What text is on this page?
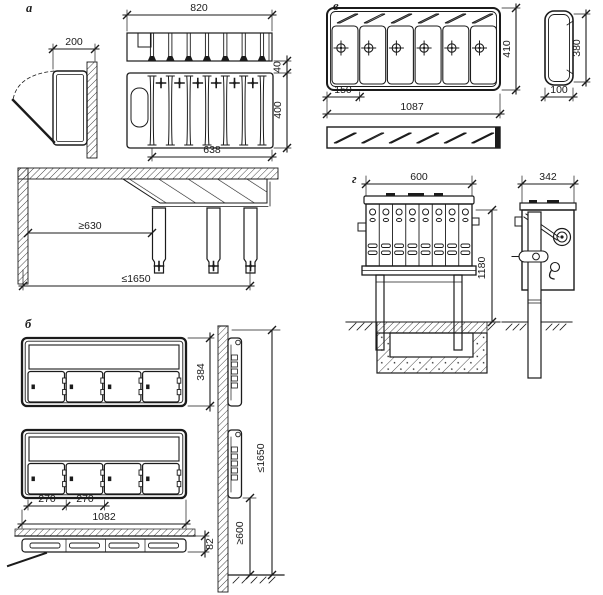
а
200
820
40
400
638
≥630
≤1650
б
384
270 270
1082
82
≤1650
≥600
в
410
150
1087
380
100
г	600	342
1180
